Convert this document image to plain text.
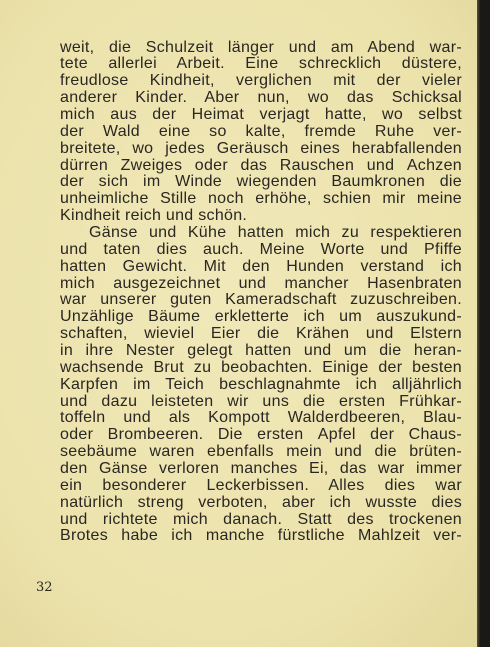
weit, die Schulzeit länger und am Abend war-
tete allerlei Arbeit. Eine schrecklich düstere,
freudlose Kindheit, verglichen mit der vieler
anderer Kinder. Aber nun, wo das Schicksal
mich aus der Heimat verjagt hatte, wo selbst
der Wald eine so kalte, fremde Ruhe ver-
breitete, wo jedes Geräusch eines herabfallenden
dürren Zweiges oder das Rauschen und Ächzen
der sich im Winde wiegenden Baumkronen die
unheimliche Stille noch erhöhe, schien mir meine
Kindheit reich und schön.
Gänse und Kühe hatten mich zu respektieren
und taten dies auch. Meine Worte und Pfiffe
hatten Gewicht. Mit den Hunden verstand ich
mich ausgezeichnet und mancher Hasenbraten
war unserer guten Kameradschaft zuzuschreiben.
Unzählige Bäume erkletterte ich um auszukund-
schaften, wieviel Eier die Krähen und Elstern
in ihre Nester gelegt hatten und um die heran-
wachsende Brut zu beobachten. Einige der besten
Karpfen im Teich beschlagnahmte ich alljährlich
und dazu leisteten wir uns die ersten Frühkar-
toffeln und als Kompott Walderdbeeren, Blau-
oder Brombeeren. Die ersten Äpfel der Chaus-
seebäume waren ebenfalls mein und die brüten-
den Gänse verloren manches Ei, das war immer
ein besonderer Leckerbissen. Alles dies war
natürlich streng verboten, aber ich wusste dies
und richtete mich danach. Statt des trockenen
Brotes habe ich manche fürstliche Mahlzeit ver-
32
